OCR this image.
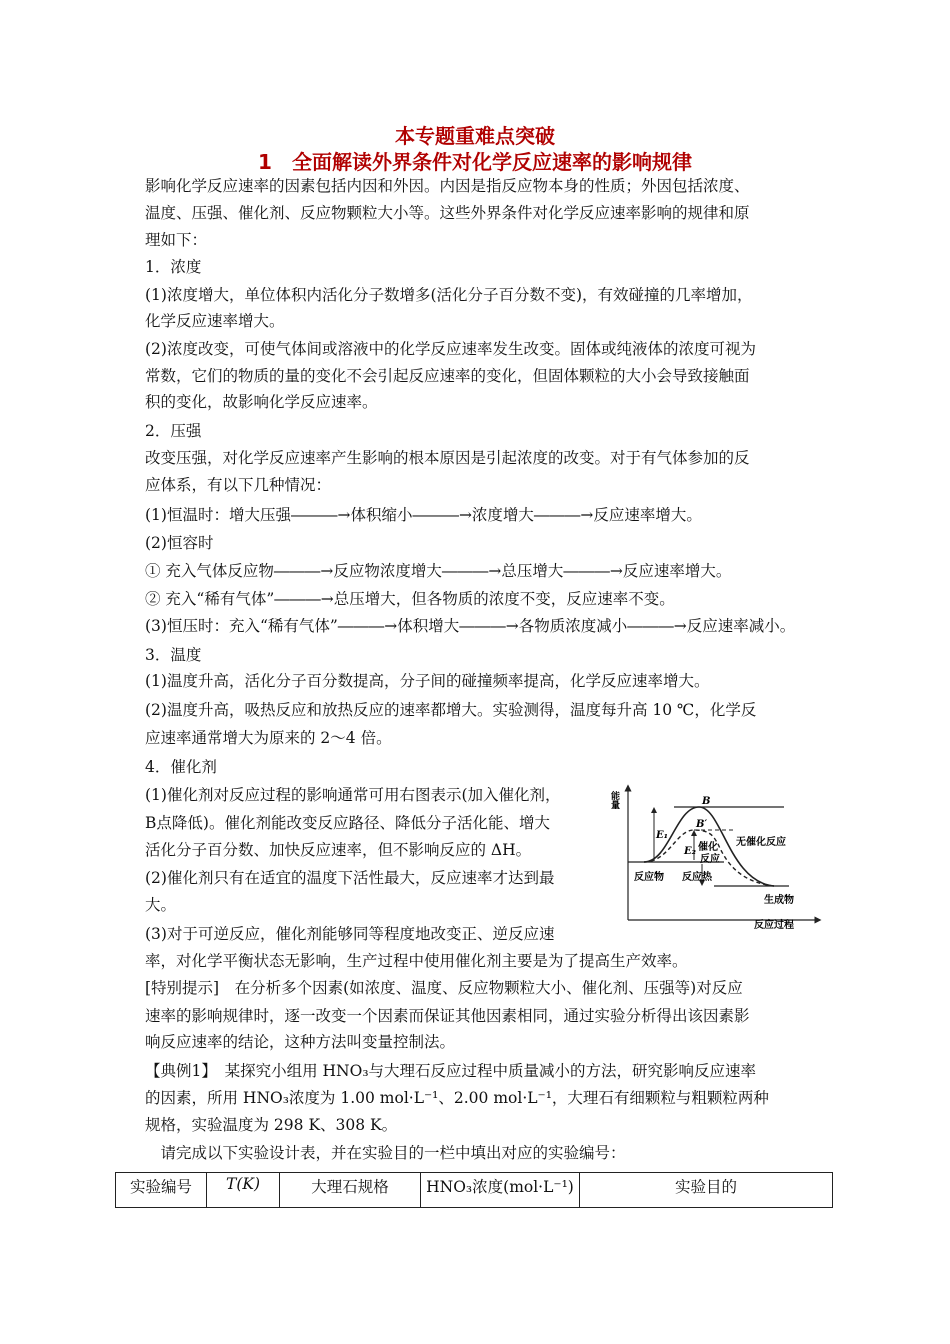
本专题重难点突破
1　全面解读外界条件对化学反应速率的影响规律
影响化学反应速率的因素包括内因和外因。内因是指反应物本身的性质；外因包括浓度、
温度、压强、催化剂、反应物颗粒大小等。这些外界条件对化学反应速率影响的规律和原
理如下：
1．浓度
(1)浓度增大，单位体积内活化分子数增多(活化分子百分数不变)，有效碰撞的几率增加，
化学反应速率增大。
(2)浓度改变，可使气体间或溶液中的化学反应速率发生改变。固体或纯液体的浓度可视为
常数，它们的物质的量的变化不会引起反应速率的变化，但固体颗粒的大小会导致接触面
积的变化，故影响化学反应速率。
2．压强
改变压强，对化学反应速率产生影响的根本原因是引起浓度的改变。对于有气体参加的反
应体系，有以下几种情况：
(1)恒温时：增大压强―――→体积缩小―――→浓度增大―――→反应速率增大。
(2)恒容时
① 充入气体反应物―――→反应物浓度增大―――→总压增大―――→反应速率增大。
② 充入“稀有气体”―――→总压增大，但各物质的浓度不变，反应速率不变。
(3)恒压时：充入“稀有气体”―――→体积增大―――→各物质浓度减小―――→反应速率减小。
3．温度
(1)温度升高，活化分子百分数提高，分子间的碰撞频率提高，化学反应速率增大。
(2)温度升高，吸热反应和放热反应的速率都增大。实验测得，温度每升高 10 ℃，化学反
应速率通常增大为原来的 2～4 倍。
4．催化剂
(1)催化剂对反应过程的影响通常可用右图表示(加入催化剂，
B点降低)。催化剂能改变反应路径、降低分子活化能、增大
活化分子百分数、加快反应速率，但不影响反应的 ΔH。
(2)催化剂只有在适宜的温度下活性最大，反应速率才达到最
大。
(3)对于可逆反应，催化剂能够同等程度地改变正、逆反应速
率，对化学平衡状态无影响，生产过程中使用催化剂主要是为了提高生产效率。
[特别提示]　在分析多个因素(如浓度、温度、反应物颗粒大小、催化剂、压强等)对反应
速率的影响规律时，逐一改变一个因素而保证其他因素相同，通过实验分析得出该因素影
响反应速率的结论，这种方法叫变量控制法。
【典例1】　某探究小组用 HNO₃与大理石反应过程中质量减小的方法，研究影响反应速率
的因素，所用 HNO₃浓度为 1.00 mol·L⁻¹、2.00 mol·L⁻¹，大理石有细颗粒与粗颗粒两种
规格，实验温度为 298 K、308 K。
　请完成以下实验设计表，并在实验目的一栏中填出对应的实验编号：
能量
反应过程
B
B′
E₁
E₂
无催化反应
催化
反应
反应物 反应热
生成物
实验编号	T(K)	大理石规格	HNO₃浓度(mol·L⁻¹)	实验目的
